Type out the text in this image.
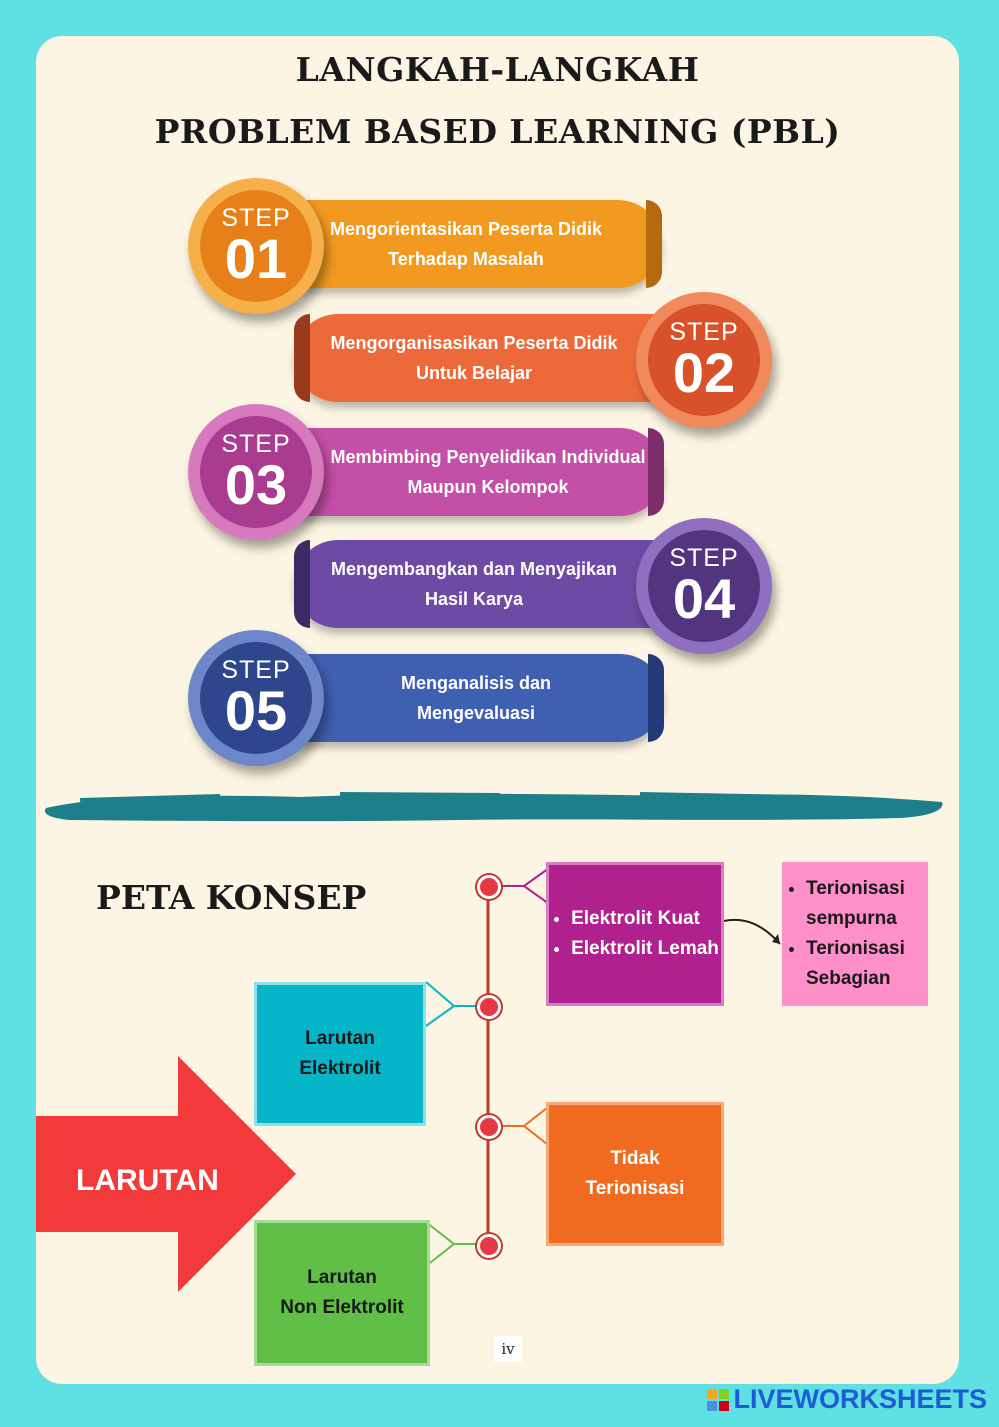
LANGKAH-LANGKAH
PROBLEM BASED LEARNING (PBL)
Mengorientasikan Peserta Didik
Terhadap Masalah
STEP
01
Mengorganisasikan Peserta Didik
Untuk Belajar
STEP
02
Membimbing Penyelidikan Individual
Maupun Kelompok
STEP
03
Mengembangkan dan Menyajikan
Hasil Karya
STEP
04
Menganalisis dan
Mengevaluasi
STEP
05
PETA KONSEP
LARUTAN
Larutan
Elektrolit
Larutan
Non Elektrolit
• Elektrolit Kuat
• Elektrolit Lemah
• Terionisasi sempurna
• Terionisasi Sebagian
Tidak
Terionisasi
iv
LIVEWORKSHEETS
